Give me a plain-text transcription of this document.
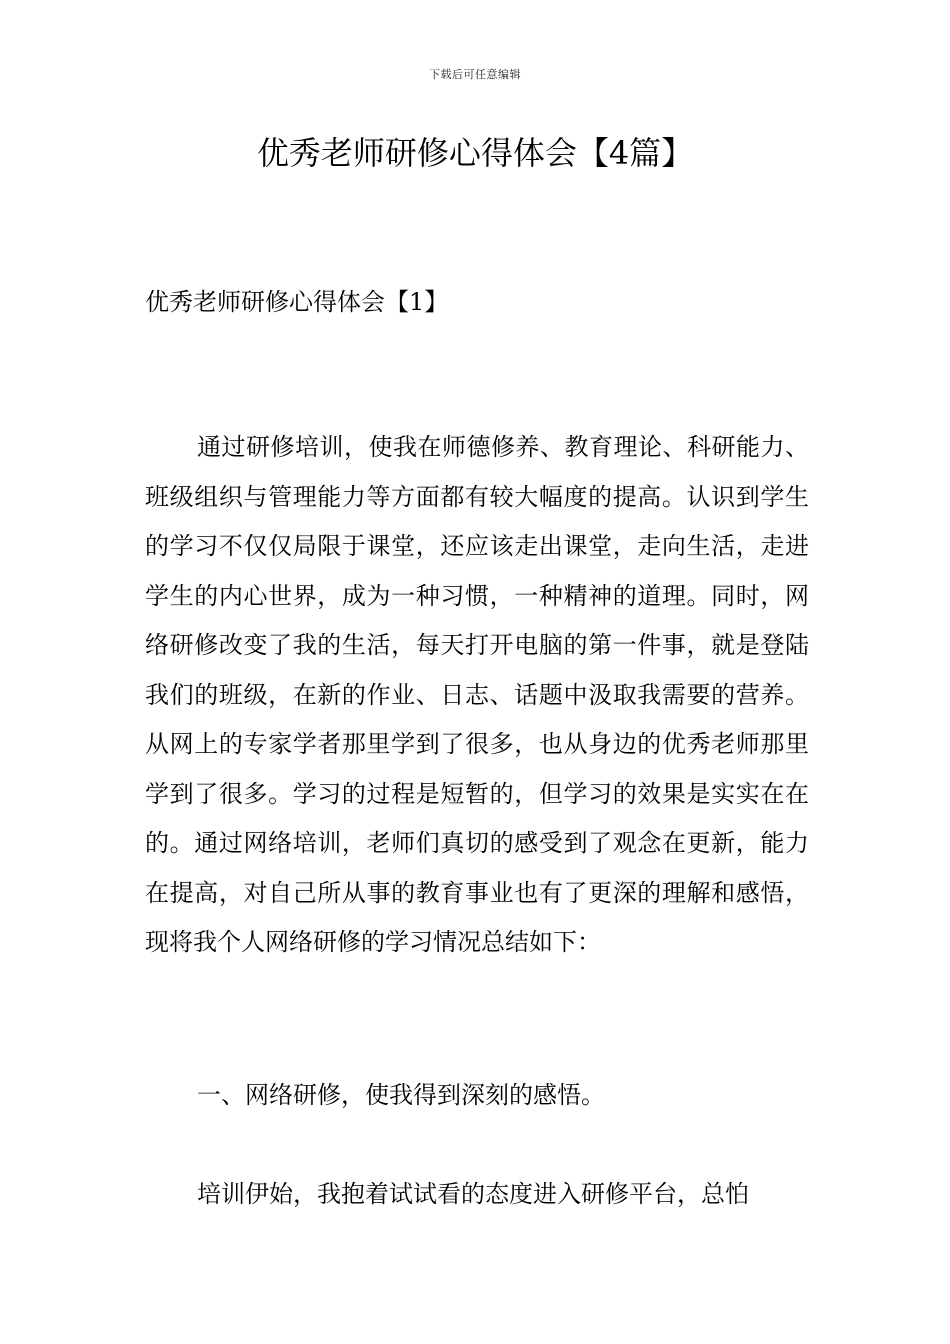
下载后可任意编辑
优秀老师研修心得体会【4篇】
优秀老师研修心得体会【1】

通过研修培训，使我在师德修养、教育理论、科研能力、班级组织与管理能力等方面都有较大幅度的提高。认识到学生的学习不仅仅局限于课堂，还应该走出课堂，走向生活，走进学生的内心世界，成为一种习惯，一种精神的道理。同时，网络研修改变了我的生活，每天打开电脑的第一件事，就是登陆我们的班级，在新的作业、日志、话题中汲取我需要的营养。从网上的专家学者那里学到了很多，也从身边的优秀老师那里学到了很多。学习的过程是短暂的，但学习的效果是实实在在的。通过网络培训，老师们真切的感受到了观念在更新，能力在提高，对自己所从事的教育事业也有了更深的理解和感悟，现将我个人网络研修的学习情况总结如下：

一、网络研修，使我得到深刻的感悟。

培训伊始，我抱着试试看的态度进入研修平台，总怕
